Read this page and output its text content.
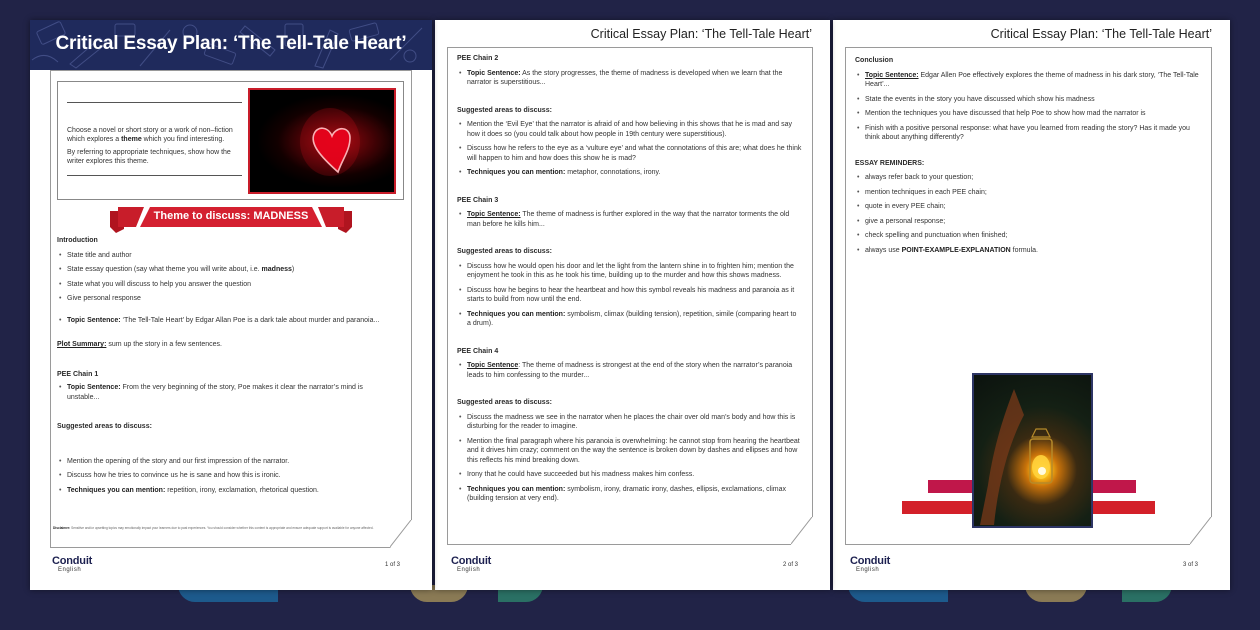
Critical Essay Plan: ‘The Tell-Tale Heart’

Choose a novel or short story or a work of non–fiction which explores a theme which you find interesting.

By referring to appropriate techniques, show how the writer explores this theme.

Theme to discuss: MADNESS
Introduction
• State title and author
• State essay question (say what theme you will write about, i.e. madness)
• State what you will discuss to help you answer the question
• Give personal response
• Topic Sentence: ‘The Tell-Tale Heart’ by Edgar Allan Poe is a dark tale about murder and paranoia...
Plot Summary: sum up the story in a few sentences.
PEE Chain 1
• Topic Sentence: From the very beginning of the story, Poe makes it clear the narrator’s mind is unstable...
Suggested areas to discuss:
• Mention the opening of the story and our first impression of the narrator.
• Discuss how he tries to convince us he is sane and how this is ironic.
• Techniques you can mention: repetition, irony, exclamation, rhetorical question.
Disclaimer: Sensitive and/or upsetting topics may emotionally impact your learners due to past experiences. You should consider whether this content is appropriate and ensure adequate support is available for anyone affected.
Conduit
English
1 of 3
Critical Essay Plan: ‘The Tell-Tale Heart’
PEE Chain 2
• Topic Sentence: As the story progresses, the theme of madness is developed when we learn that the narrator is superstitious...
Suggested areas to discuss:
• Mention the ‘Evil Eye’ that the narrator is afraid of and how believing in this shows that he is mad and say how it does so (you could talk about how people in 19th century were superstitious).
• Discuss how he refers to the eye as a ‘vulture eye’ and what the connotations of this are; what does he think will happen to him and how does this show he is mad?
• Techniques you can mention: metaphor, connotations, irony.
PEE Chain 3
• Topic Sentence: The theme of madness is further explored in the way that the narrator torments the old man before he kills him...
Suggested areas to discuss:
• Discuss how he would open his door and let the light from the lantern shine in to frighten him; mention the enjoyment he took in this as he took his time, building up to the murder and how this shows madness.
• Discuss how he begins to hear the heartbeat and how this symbol reveals his madness and paranoia as it starts to build from now until the end.
• Techniques you can mention: symbolism, climax (building tension), repetition, simile (comparing heart to a drum).
PEE Chain 4
• Topic Sentence: The theme of madness is strongest at the end of the story when the narrator’s paranoia leads to him confessing to the murder...
Suggested areas to discuss:
• Discuss the madness we see in the narrator when he places the chair over old man’s body and how this is disturbing for the reader to imagine.
• Mention the final paragraph where his paranoia is overwhelming: he cannot stop from hearing the heartbeat and it drives him crazy; comment on the way the sentence is broken down by dashes and ellipses and how this reflects his mind breaking down.
• Irony that he could have succeeded but his madness makes him confess.
• Techniques you can mention: symbolism, irony, dramatic irony, dashes, ellipsis, exclamations, climax (building tension at very end).
Conduit
English
2 of 3
Critical Essay Plan: ‘The Tell-Tale Heart’
Conclusion
• Topic Sentence: Edgar Allen Poe effectively explores the theme of madness in his dark story, ‘The Tell-Tale Heart’...
• State the events in the story you have discussed which show his madness
• Mention the techniques you have discussed that help Poe to show how mad the narrator is
• Finish with a positive personal response: what have you learned from reading the story? Has it made you think about anything differently?
ESSAY REMINDERS:
• always refer back to your question;
• mention techniques in each PEE chain;
• quote in every PEE chain;
• give a personal response;
• check spelling and punctuation when finished;
• always use POINT-EXAMPLE-EXPLANATION formula.
Conduit
English
3 of 3
